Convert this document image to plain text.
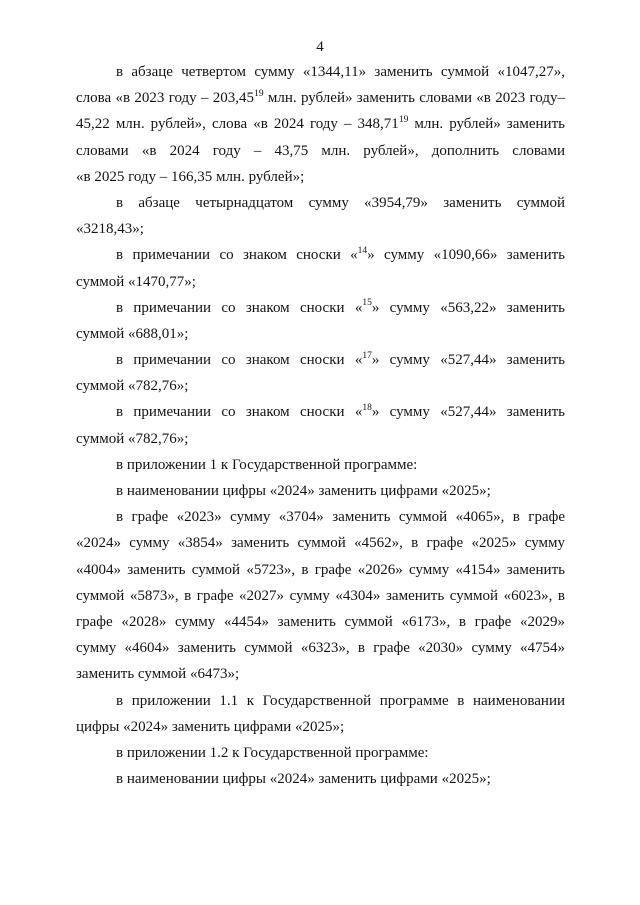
4
в абзаце четвертом сумму «1344,11» заменить суммой «1047,27»,
слова «в 2023 году – 203,45$^{19}$ млн. рублей» заменить словами «в 2023 году–
45,22 млн. рублей», слова «в 2024 году – 348,71$^{19}$ млн. рублей» заменить
словами «в 2024 году – 43,75 млн. рублей», дополнить словами
«в 2025 году – 166,35 млн. рублей»;
в абзаце четырнадцатом сумму «3954,79» заменить суммой
«3218,43»;
в примечании со знаком сноски «$^{14}$» сумму «1090,66» заменить
суммой «1470,77»;
в примечании со знаком сноски «$^{15}$» сумму «563,22» заменить
суммой «688,01»;
в примечании со знаком сноски «$^{17}$» сумму «527,44» заменить
суммой «782,76»;
в примечании со знаком сноски «$^{18}$» сумму «527,44» заменить
суммой «782,76»;
в приложении 1 к Государственной программе:
в наименовании цифры «2024» заменить цифрами «2025»;
в графе «2023» сумму «3704» заменить суммой «4065», в графе
«2024» сумму «3854» заменить суммой «4562», в графе «2025» сумму
«4004» заменить суммой «5723», в графе «2026» сумму «4154» заменить
суммой «5873», в графе «2027» сумму «4304» заменить суммой «6023», в
графе «2028» сумму «4454» заменить суммой «6173», в графе «2029»
сумму «4604» заменить суммой «6323», в графе «2030» сумму «4754»
заменить суммой «6473»;
в приложении 1.1 к Государственной программе в наименовании
цифры «2024» заменить цифрами «2025»;
в приложении 1.2 к Государственной программе:
в наименовании цифры «2024» заменить цифрами «2025»;
